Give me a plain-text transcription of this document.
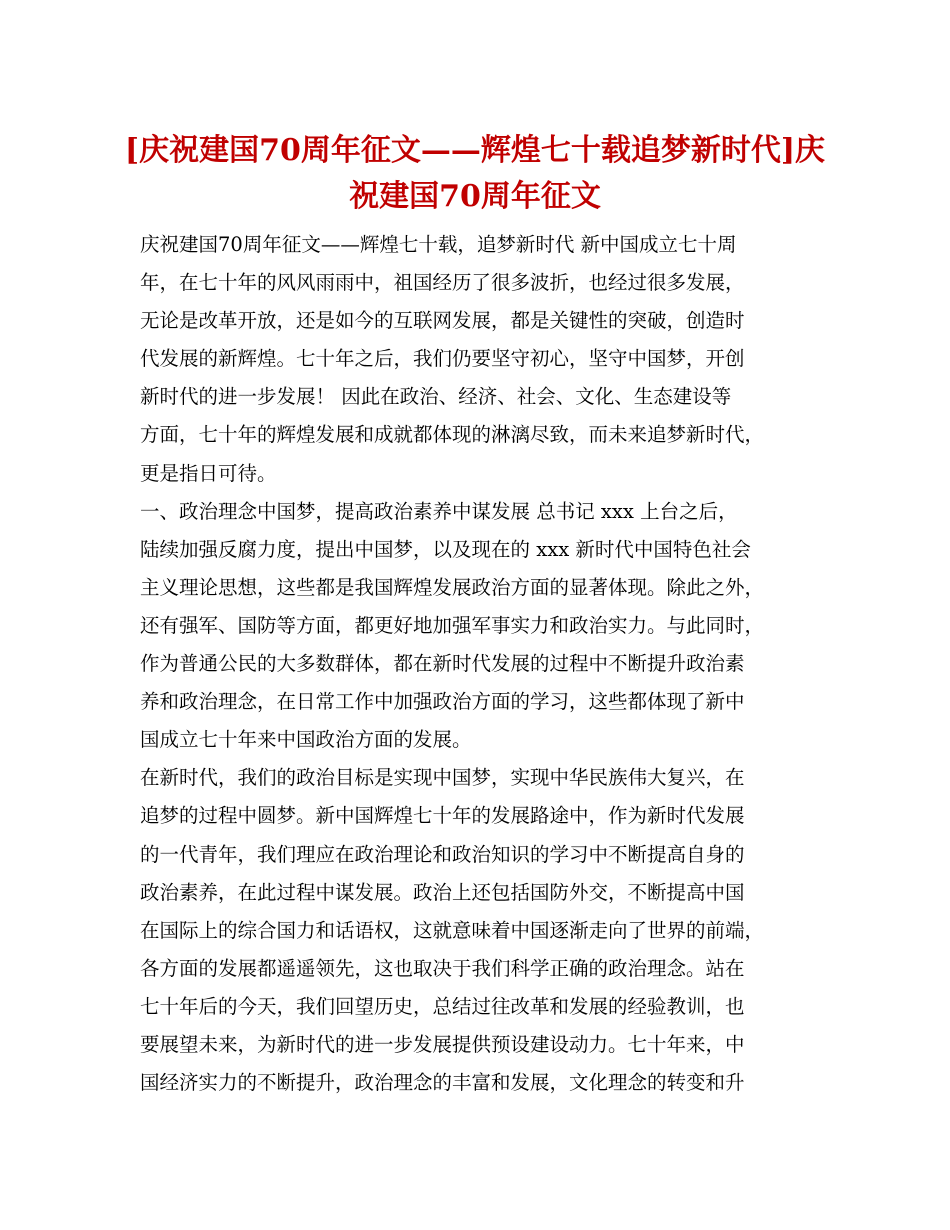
[庆祝建国70周年征文——辉煌七十载追梦新时代]庆
祝建国70周年征文
庆祝建国70周年征文——辉煌七十载，追梦新时代 新中国成立七十周
年，在七十年的风风雨雨中，祖国经历了很多波折，也经过很多发展，
无论是改革开放，还是如今的互联网发展，都是关键性的突破，创造时
代发展的新辉煌。七十年之后，我们仍要坚守初心，坚守中国梦，开创
新时代的进一步发展！ 因此在政治、经济、社会、文化、生态建设等
方面，七十年的辉煌发展和成就都体现的淋漓尽致，而未来追梦新时代，
更是指日可待。
一、政治理念中国梦，提高政治素养中谋发展 总书记 xxx 上台之后，
陆续加强反腐力度，提出中国梦，以及现在的 xxx 新时代中国特色社会
主义理论思想，这些都是我国辉煌发展政治方面的显著体现。除此之外，
还有强军、国防等方面，都更好地加强军事实力和政治实力。与此同时，
作为普通公民的大多数群体，都在新时代发展的过程中不断提升政治素
养和政治理念，在日常工作中加强政治方面的学习，这些都体现了新中
国成立七十年来中国政治方面的发展。
在新时代，我们的政治目标是实现中国梦，实现中华民族伟大复兴，在
追梦的过程中圆梦。新中国辉煌七十年的发展路途中，作为新时代发展
的一代青年，我们理应在政治理论和政治知识的学习中不断提高自身的
政治素养，在此过程中谋发展。政治上还包括国防外交，不断提高中国
在国际上的综合国力和话语权，这就意味着中国逐渐走向了世界的前端，
各方面的发展都遥遥领先，这也取决于我们科学正确的政治理念。站在
七十年后的今天，我们回望历史，总结过往改革和发展的经验教训，也
要展望未来，为新时代的进一步发展提供预设建设动力。七十年来，中
国经济实力的不断提升，政治理念的丰富和发展，文化理念的转变和升
